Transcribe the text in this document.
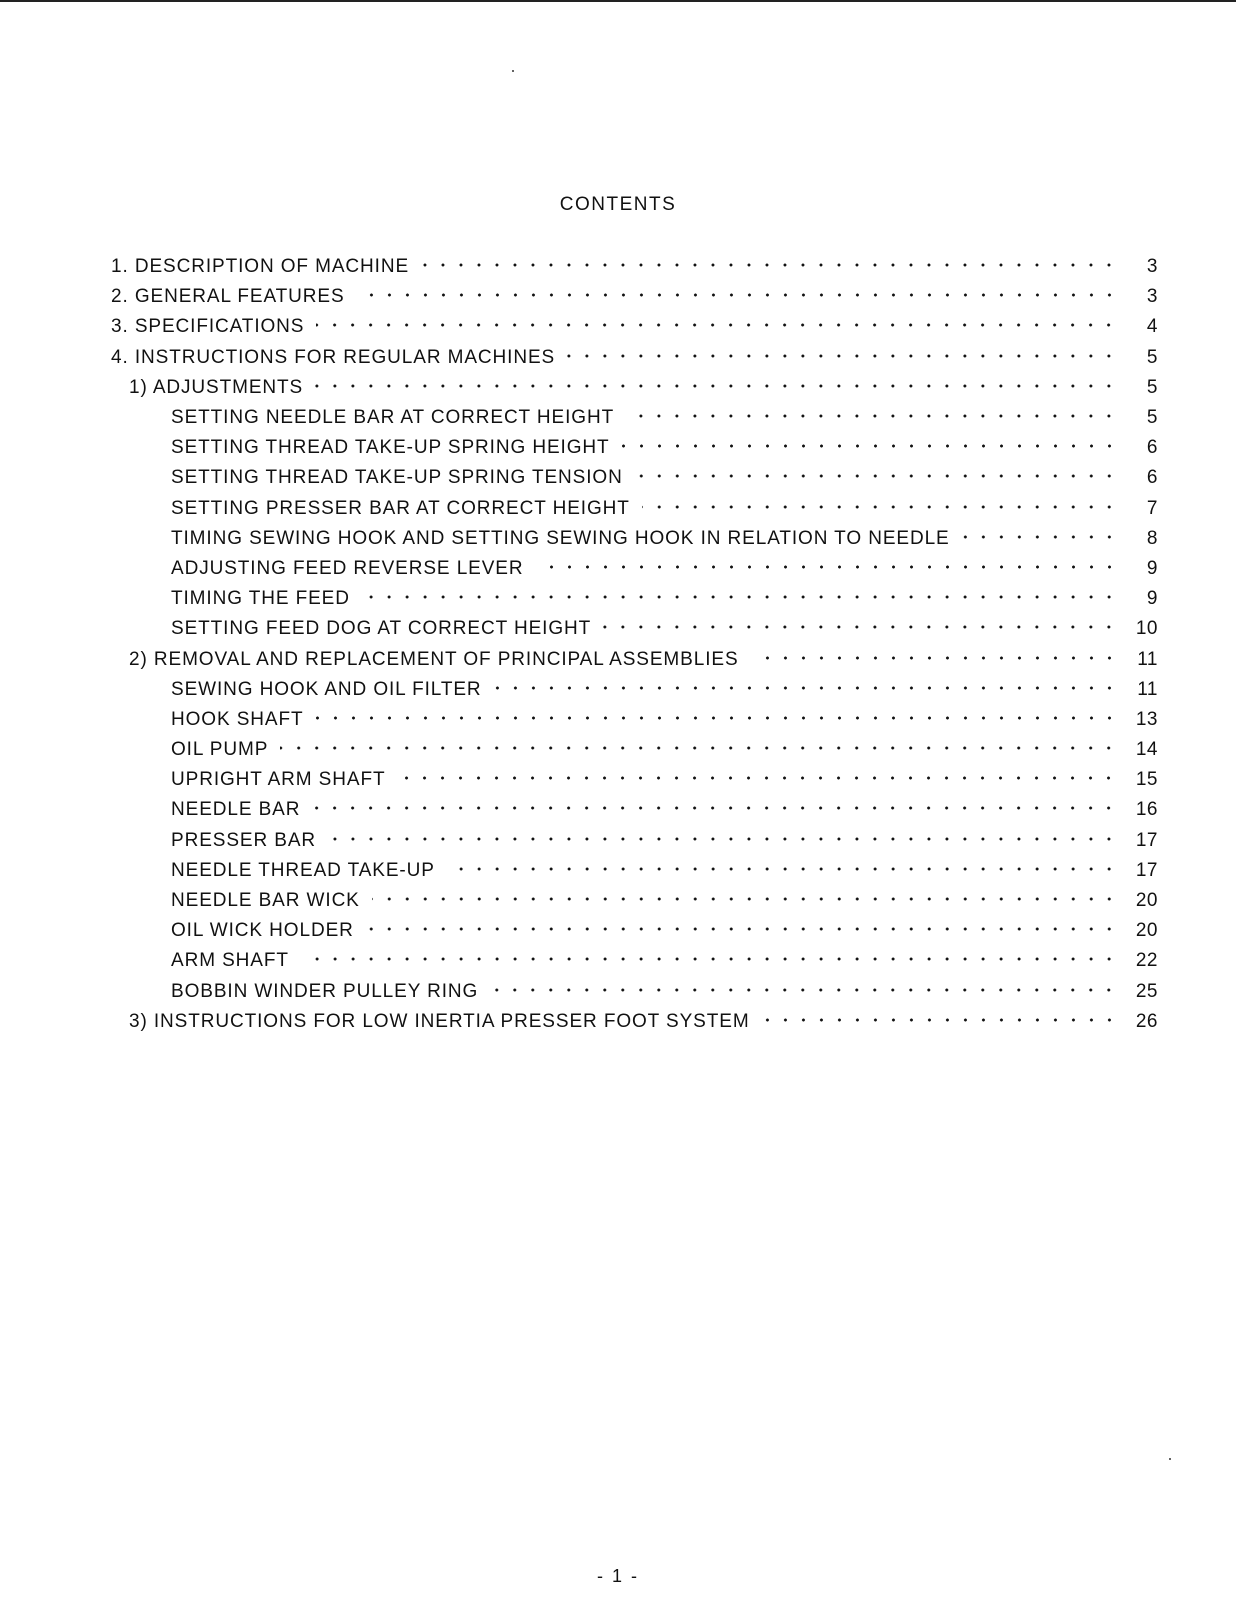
CONTENTS
1. DESCRIPTION OF MACHINE	3
2. GENERAL FEATURES	3
3. SPECIFICATIONS	4
4. INSTRUCTIONS FOR REGULAR MACHINES	5
1) ADJUSTMENTS	5
SETTING NEEDLE BAR AT CORRECT HEIGHT	5
SETTING THREAD TAKE-UP SPRING HEIGHT	6
SETTING THREAD TAKE-UP SPRING TENSION	6
SETTING PRESSER BAR AT CORRECT HEIGHT	7
TIMING SEWING HOOK AND SETTING SEWING HOOK IN RELATION TO NEEDLE	8
ADJUSTING FEED REVERSE LEVER	9
TIMING THE FEED	9
SETTING FEED DOG AT CORRECT HEIGHT	10
2) REMOVAL AND REPLACEMENT OF PRINCIPAL ASSEMBLIES	11
SEWING HOOK AND OIL FILTER	11
HOOK SHAFT	13
OIL PUMP	14
UPRIGHT ARM SHAFT	15
NEEDLE BAR	16
PRESSER BAR	17
NEEDLE THREAD TAKE-UP	17
NEEDLE BAR WICK	20
OIL WICK HOLDER	20
ARM SHAFT	22
BOBBIN WINDER PULLEY RING	25
3) INSTRUCTIONS FOR LOW INERTIA PRESSER FOOT SYSTEM	26
- 1 -
